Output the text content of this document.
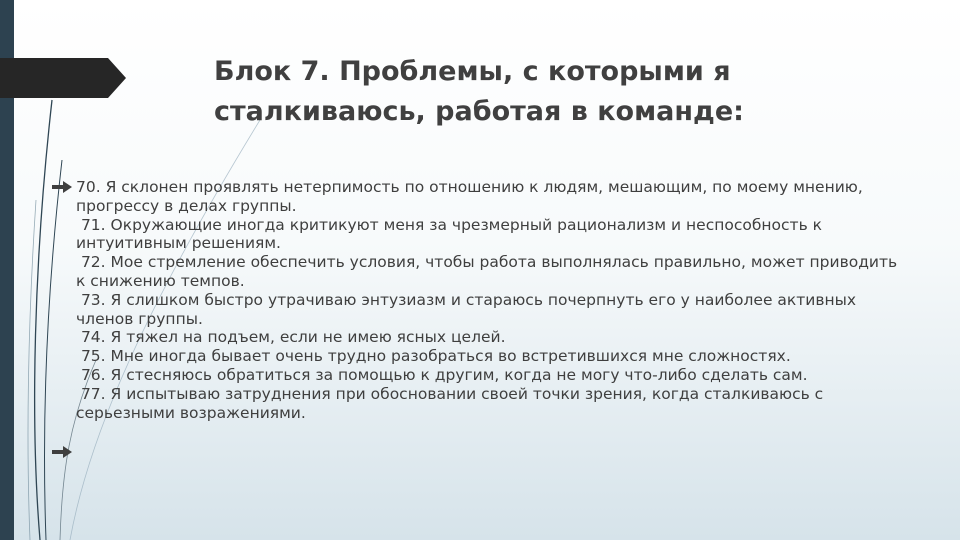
Блок 7. Проблемы, с которыми я
сталкиваюсь, работая в команде:
70. Я склонен проявлять нетерпимость по отношению к людям, мешающим, по моему мнению, прогрессу в делах группы.
71. Окружающие иногда критикуют меня за чрезмерный рационализм и неспособность к интуитивным решениям.
72. Мое стремление обеспечить условия, чтобы работа выполнялась правильно, может приводить к снижению темпов.
73. Я слишком быстро утрачиваю энтузиазм и стараюсь почерпнуть его у наиболее активных членов группы.
74. Я тяжел на подъем, если не имею ясных целей.
75. Мне иногда бывает очень трудно разобраться во встретившихся мне сложностях.
76. Я стесняюсь обратиться за помощью к другим, когда не могу что-либо сделать сам.
77. Я испытываю затруднения при обосновании своей точки зрения, когда сталкиваюсь с серьезными возражениями.
